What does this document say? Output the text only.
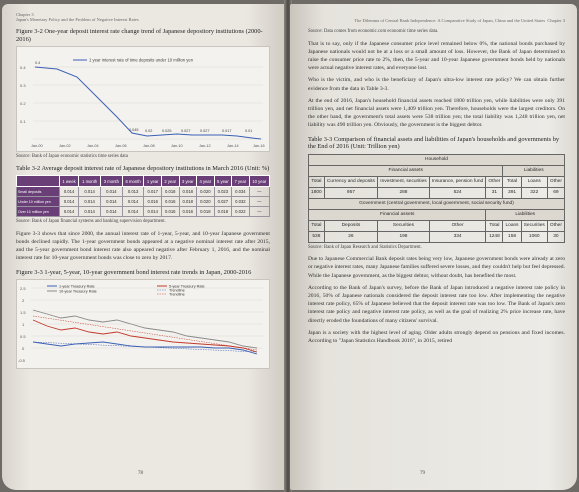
Chapter 3
Japan's Monetary Policy and the Problem of Negative Interest Rates
Figure 3-2 One-year deposit interest rate change trend of Japanese depository institutions (2000-2016)
0.1
0.2
0.3
0.4
1 year interest rate of time deposits under 10 million yen
0.4
0.045 0.02	0.025 0.027 0.027	0.017	0.01
Jan-00	Jan-02	Jan-04	Jan-06	Jan-08	Jan-10	Jan-12	Jan-14	Jan-16
Source: Bank of Japan economic statistics time series data
Table 3-2 Average deposit interest rate of Japanese depository institutions in March 2016 (Unit: %)
	1 week	1 month	3 month	6 month	1 year	2 year	3 year	4 year	5 year	7 year	10 year
Small deposits	0.014	0.014	0.014	0.013	0.017	0.018	0.018	0.020	0.023	0.034	—
Under 10 million yen	0.014	0.014	0.014	0.014	0.016	0.016	0.018	0.020	0.027	0.032	—
Over 10 million yen	0.014	0.014	0.014	0.014	0.014	0.016	0.016	0.018	0.018	0.022	—
Source: Bank of Japan financial systems and banking supervision department.

Figure 3-3 shows that since 2000, the annual interest rate of 1-year, 5-year, and 10-year Japanese government bonds declined rapidly. The 1-year government bonds appeared at a negative nominal interest rate after 2015, and the 5-year government bond interest rate also appeared negative after February 1, 2016, and the nominal interest rate for 10-year government bonds was close to zero by 2017.

Figure 3-3 1-year, 5-year, 10-year government bond interest rate trends in Japan, 2000-2016
-0.5
0
0.5
1
1.5
2
2.5	1-year Treasury Rate
10-year Treasury Rate
5-year Treasury Rate
Trendline
Trendline
78
The Dilemma of Central Bank Independence: A Comparative Study of Japan, China and the United States Chapter 3
Source: Data comes from economic.com economic time series data.

That is to say, only if the Japanese consumer price level remained below 0%, the national bonds purchased by Japanese nationals would not be at a loss or a small amount of loss. However, the Bank of Japan determined to raise the consumer price rate to 2%, then, the 5-year and 10-year Japanese government bonds held by nationals were actual negative interest rates, and everyone lost.

Who is the victim, and who is the beneficiary of Japan's ultra-low interest rate policy? We can obtain further evidence from the data in Table 3-3.

At the end of 2016, Japan's household financial assets reached 1800 trillion yen, while liabilities were only 391 trillion yen, and net financial assets were 1,409 trillion yen. Therefore, households were the largest creditors. On the other hand, the government's total assets were 538 trillion yen; the total liability was 1,248 trillion yen, net liability was 490 trillion yen. Obviously, the government is the biggest debtor.

Table 3-3 Comparison of financial assets and liabilities of Japan's households and governments by the End of 2016 (Unit: Trillion yen)
Household							
Financial assets					Liabilities		
Total	Currency and deposits	Investment, securities	Insurance, pension fund	Other	Total	Loans	Other
1800	957	288	524	31	391	322	69
Government (central government, local government, social security fund)							
Financial assets				Liabilities			
Total	Deposits	Securities	Other	Total	Loans	Securities	Other
538	26	198	334	1248	158	1060	30
Source: Bank of Japan Research and Statistics Department.

Due to Japanese Commercial Bank deposit rates being very low, Japanese government bonds were already at zero or negative interest rates, many Japanese families suffered severe losses, and they couldn't help but feel depressed. While the Japanese government, as the biggest debtor, without doubt, has benefited the most.

According to the Bank of Japan's survey, before the Bank of Japan introduced a negative interest rate policy in 2016, 50% of Japanese nationals considered the deposit interest rate too low. After implementing the negative interest rate policy, 65% of Japanese believed that the deposit interest rate was too low. The Bank of Japan's zero interest rate policy and negative interest rate policy, as well as the goal of realizing 2% price increase rate, have directly eroded the foundations of many citizens' survival.

Japan is a society with the highest level of aging. Older adults strongly depend on pensions and fixed incomes. According to "Japan Statistics Handbook 2016", in 2015, retired

79
